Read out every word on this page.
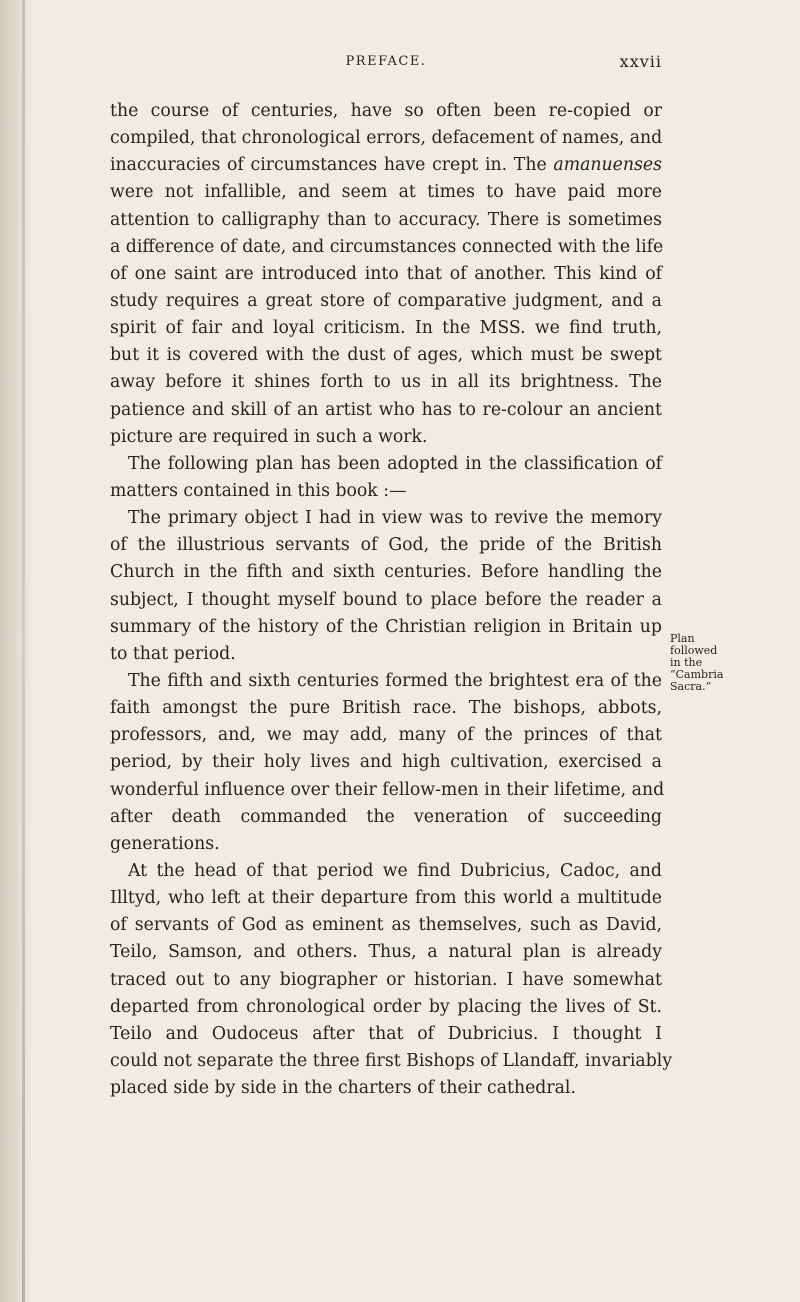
PREFACE.	xxvii
the course of centuries, have so often been re-copied or
compiled, that chronological errors, defacement of names, and
inaccuracies of circumstances have crept in. The amanuenses
were not infallible, and seem at times to have paid more
attention to calligraphy than to accuracy. There is sometimes
a difference of date, and circumstances connected with the life
of one saint are introduced into that of another. This kind of
study requires a great store of comparative judgment, and a
spirit of fair and loyal criticism. In the MSS. we find truth,
but it is covered with the dust of ages, which must be swept
away before it shines forth to us in all its brightness. The
patience and skill of an artist who has to re-colour an ancient
picture are required in such a work.
The following plan has been adopted in the classification of
matters contained in this book :—
The primary object I had in view was to revive the memory
of the illustrious servants of God, the pride of the British
Church in the fifth and sixth centuries. Before handling the
subject, I thought myself bound to place before the reader a
summary of the history of the Christian religion in Britain up
to that period.
The fifth and sixth centuries formed the brightest era of the
faith amongst the pure British race. The bishops, abbots,
professors, and, we may add, many of the princes of that
period, by their holy lives and high cultivation, exercised a
wonderful influence over their fellow-men in their lifetime, and
after death commanded the veneration of succeeding
generations.
At the head of that period we find Dubricius, Cadoc, and
Illtyd, who left at their departure from this world a multitude
of servants of God as eminent as themselves, such as David,
Teilo, Samson, and others. Thus, a natural plan is already
traced out to any biographer or historian. I have somewhat
departed from chronological order by placing the lives of St.
Teilo and Oudoceus after that of Dubricius. I thought I
could not separate the three first Bishops of Llandaff, invariably
placed side by side in the charters of their cathedral.
Plan
followed
in the
“Cambria
Sacra.”
